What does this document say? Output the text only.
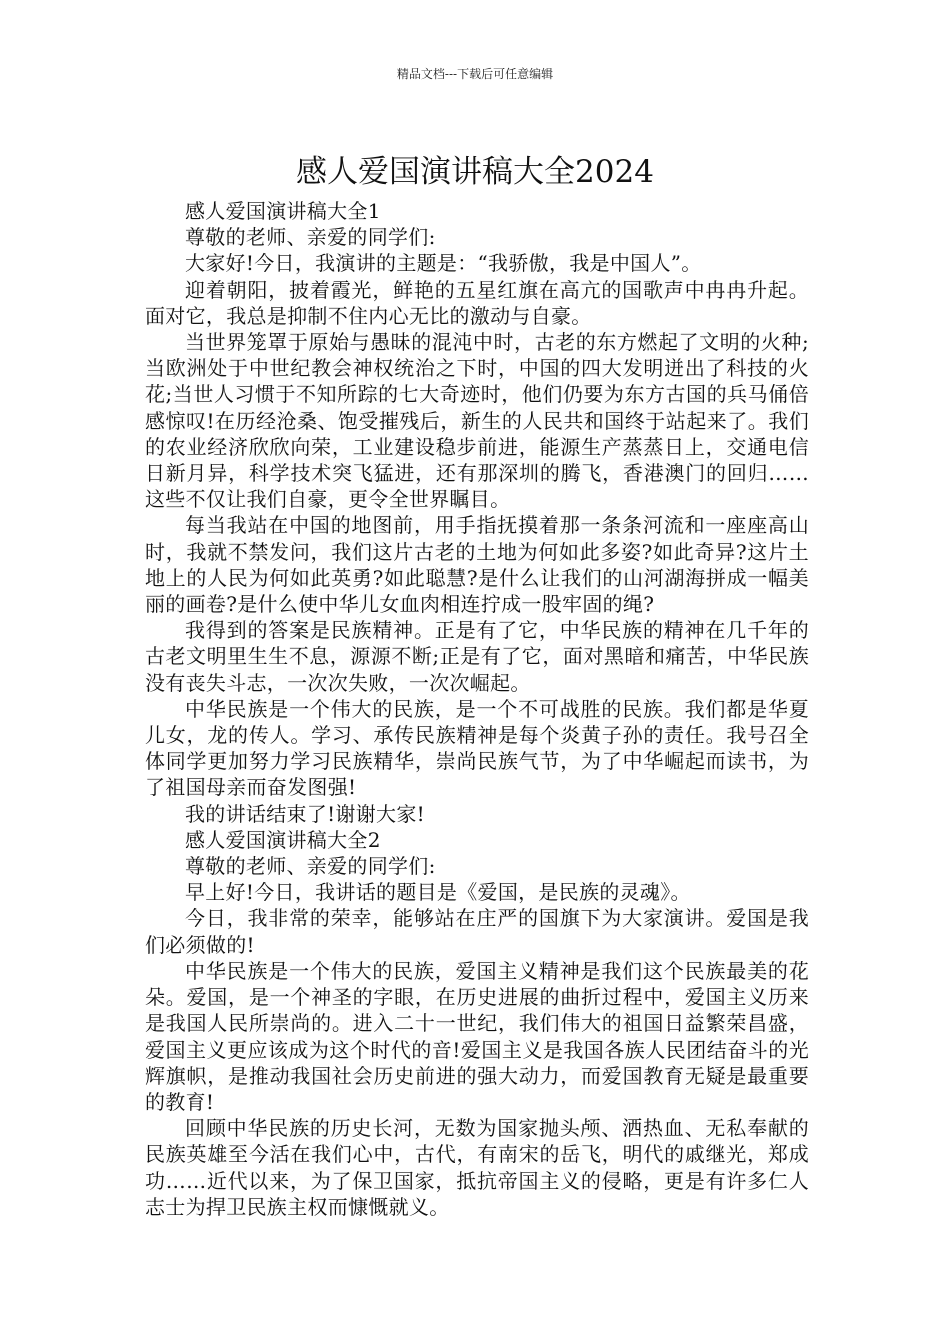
精品文档---下载后可任意编辑
感人爱国演讲稿大全2024

感人爱国演讲稿大全1

尊敬的老师、亲爱的同学们:

大家好!今日，我演讲的主题是：“我骄傲，我是中国人”。

迎着朝阳，披着霞光，鲜艳的五星红旗在高亢的国歌声中冉冉升起。面对它，我总是抑制不住内心无比的激动与自豪。

当世界笼罩于原始与愚昧的混沌中时，古老的东方燃起了文明的火种;当欧洲处于中世纪教会神权统治之下时，中国的四大发明迸出了科技的火花;当世人习惯于不知所踪的七大奇迹时，他们仍要为东方古国的兵马俑倍感惊叹!在历经沧桑、饱受摧残后，新生的人民共和国终于站起来了。我们的农业经济欣欣向荣，工业建设稳步前进，能源生产蒸蒸日上，交通电信日新月异，科学技术突飞猛进，还有那深圳的腾飞，香港澳门的回归……这些不仅让我们自豪，更令全世界瞩目。

每当我站在中国的地图前，用手指抚摸着那一条条河流和一座座高山时，我就不禁发问，我们这片古老的土地为何如此多姿?如此奇异?这片土地上的人民为何如此英勇?如此聪慧?是什么让我们的山河湖海拼成一幅美丽的画卷?是什么使中华儿女血肉相连拧成一股牢固的绳?

我得到的答案是民族精神。正是有了它，中华民族的精神在几千年的古老文明里生生不息，源源不断;正是有了它，面对黑暗和痛苦，中华民族没有丧失斗志，一次次失败，一次次崛起。

中华民族是一个伟大的民族，是一个不可战胜的民族。我们都是华夏儿女，龙的传人。学习、承传民族精神是每个炎黄子孙的责任。我号召全体同学更加努力学习民族精华，崇尚民族气节，为了中华崛起而读书，为了祖国母亲而奋发图强!

我的讲话结束了!谢谢大家!

感人爱国演讲稿大全2

尊敬的老师、亲爱的同学们:

早上好!今日，我讲话的题目是《爱国，是民族的灵魂》。

今日，我非常的荣幸，能够站在庄严的国旗下为大家演讲。爱国是我们必须做的!

中华民族是一个伟大的民族，爱国主义精神是我们这个民族最美的花朵。爱国，是一个神圣的字眼，在历史进展的曲折过程中，爱国主义历来是我国人民所崇尚的。进入二十一世纪，我们伟大的祖国日益繁荣昌盛，爱国主义更应该成为这个时代的音!爱国主义是我国各族人民团结奋斗的光辉旗帜，是推动我国社会历史前进的强大动力，而爱国教育无疑是最重要的教育!

回顾中华民族的历史长河，无数为国家抛头颅、洒热血、无私奉献的民族英雄至今活在我们心中，古代，有南宋的岳飞，明代的戚继光，郑成功……近代以来，为了保卫国家，抵抗帝国主义的侵略，更是有许多仁人志士为捍卫民族主权而慷慨就义。
